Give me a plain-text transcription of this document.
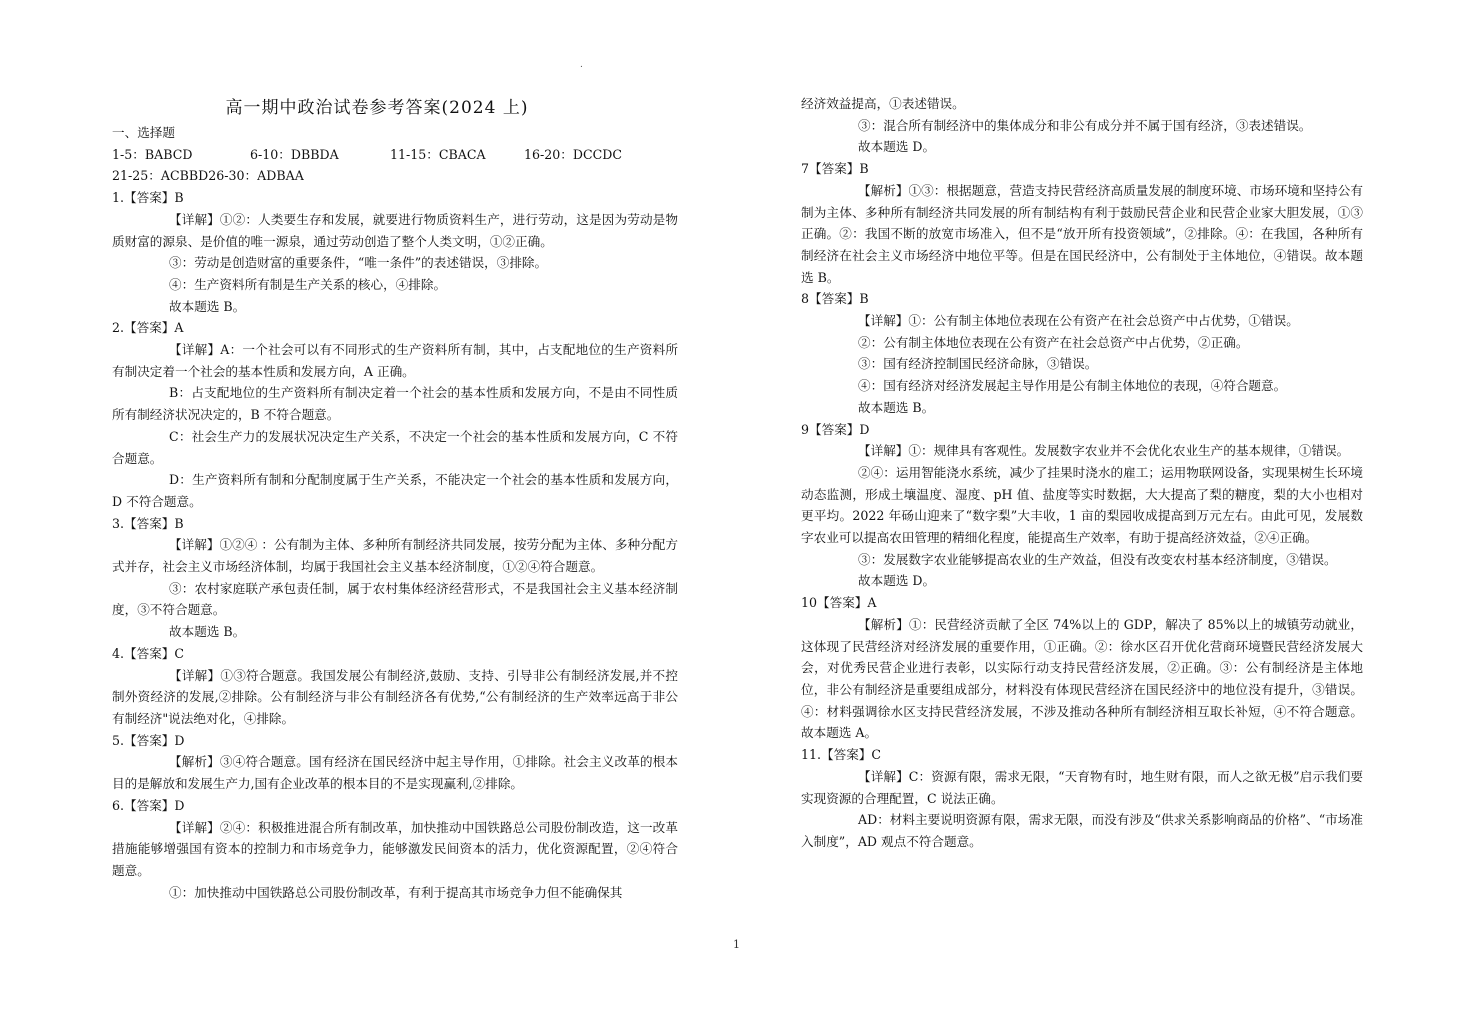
.
高一期中政治试卷参考答案(2024 上)
一、选择题
1-5：BABCD	6-10：DBBDA	11-15：CBACA	16-20：DCCDC
21-25：ACBBD26-30：ADBAA
1.【答案】B
【详解】①②：人类要生存和发展，就要进行物质资料生产，进行劳动，这是因为劳动是物质财富的源泉、是价值的唯一源泉，通过劳动创造了整个人类文明，①②正确。
③：劳动是创造财富的重要条件，“唯一条件”的表述错误，③排除。
④：生产资料所有制是生产关系的核心，④排除。
故本题选 B。
2.【答案】A
【详解】A：一个社会可以有不同形式的生产资料所有制，其中，占支配地位的生产资料所有制决定着一个社会的基本性质和发展方向，A 正确。
B：占支配地位的生产资料所有制决定着一个社会的基本性质和发展方向，不是由不同性质所有制经济状况决定的，B 不符合题意。
C：社会生产力的发展状况决定生产关系，不决定一个社会的基本性质和发展方向，C 不符合题意。
D：生产资料所有制和分配制度属于生产关系，不能决定一个社会的基本性质和发展方向，D 不符合题意。
3.【答案】B
【详解】①②④ ：公有制为主体、多种所有制经济共同发展，按劳分配为主体、多种分配方式并存，社会主义市场经济体制，均属于我国社会主义基本经济制度，①②④符合题意。
③：农村家庭联产承包责任制，属于农村集体经济经营形式，不是我国社会主义基本经济制度，③不符合题意。
故本题选 B。
4.【答案】C
【详解】①③符合题意。我国发展公有制经济,鼓励、支持、引导非公有制经济发展,并不控制外资经济的发展,②排除。公有制经济与非公有制经济各有优势,“公有制经济的生产效率远高于非公有制经济"说法绝对化，④排除。
5.【答案】D
【解析】③④符合题意。国有经济在国民经济中起主导作用，①排除。社会主义改革的根本目的是解放和发展生产力,国有企业改革的根本目的不是实现赢利,②排除。
6.【答案】D
【详解】②④：积极推进混合所有制改革，加快推动中国铁路总公司股份制改造，这一改革措施能够增强国有资本的控制力和市场竞争力，能够激发民间资本的活力，优化资源配置，②④符合题意。
①：加快推动中国铁路总公司股份制改革，有利于提高其市场竞争力但不能确保其
经济效益提高，①表述错误。
③：混合所有制经济中的集体成分和非公有成分并不属于国有经济，③表述错误。
故本题选 D。
7【答案】B
【解析】①③：根据题意，营造支持民营经济高质量发展的制度环境、市场环境和坚持公有制为主体、多种所有制经济共同发展的所有制结构有利于鼓励民营企业和民营企业家大胆发展，①③正确。②：我国不断的放宽市场准入，但不是“放开所有投资领域”，②排除。④：在我国，各种所有制经济在社会主义市场经济中地位平等。但是在国民经济中，公有制处于主体地位，④错误。故本题选 B。
8【答案】B
【详解】①：公有制主体地位表现在公有资产在社会总资产中占优势，①错误。
②：公有制主体地位表现在公有资产在社会总资产中占优势，②正确。
③：国有经济控制国民经济命脉，③错误。
④：国有经济对经济发展起主导作用是公有制主体地位的表现，④符合题意。
故本题选 B。
9【答案】D
【详解】①：规律具有客观性。发展数字农业并不会优化农业生产的基本规律，①错误。
②④：运用智能浇水系统，减少了挂果时浇水的雇工；运用物联网设备，实现果树生长环境动态监测，形成土壤温度、湿度、pH 值、盐度等实时数据，大大提高了梨的糖度，梨的大小也相对更平均。2022 年砀山迎来了“数字梨”大丰收，1 亩的梨园收成提高到万元左右。由此可见，发展数字农业可以提高农田管理的精细化程度，能提高生产效率，有助于提高经济效益，②④正确。
③：发展数字农业能够提高农业的生产效益，但没有改变农村基本经济制度，③错误。
故本题选 D。
10【答案】A
【解析】①：民营经济贡献了全区 74%以上的 GDP，解决了 85%以上的城镇劳动就业，这体现了民营经济对经济发展的重要作用，①正确。②：徐水区召开优化营商环境暨民营经济发展大会，对优秀民营企业进行表彰，以实际行动支持民营经济发展，②正确。③：公有制经济是主体地位，非公有制经济是重要组成部分，材料没有体现民营经济在国民经济中的地位没有提升，③错误。④：材料强调徐水区支持民营经济发展，不涉及推动各种所有制经济相互取长补短，④不符合题意。故本题选 A。
11.【答案】C
【详解】C：资源有限，需求无限，“天育物有时，地生财有限，而人之欲无极”启示我们要实现资源的合理配置，C 说法正确。
AD：材料主要说明资源有限，需求无限，而没有涉及“供求关系影响商品的价格”、“市场准入制度”，AD 观点不符合题意。
1
